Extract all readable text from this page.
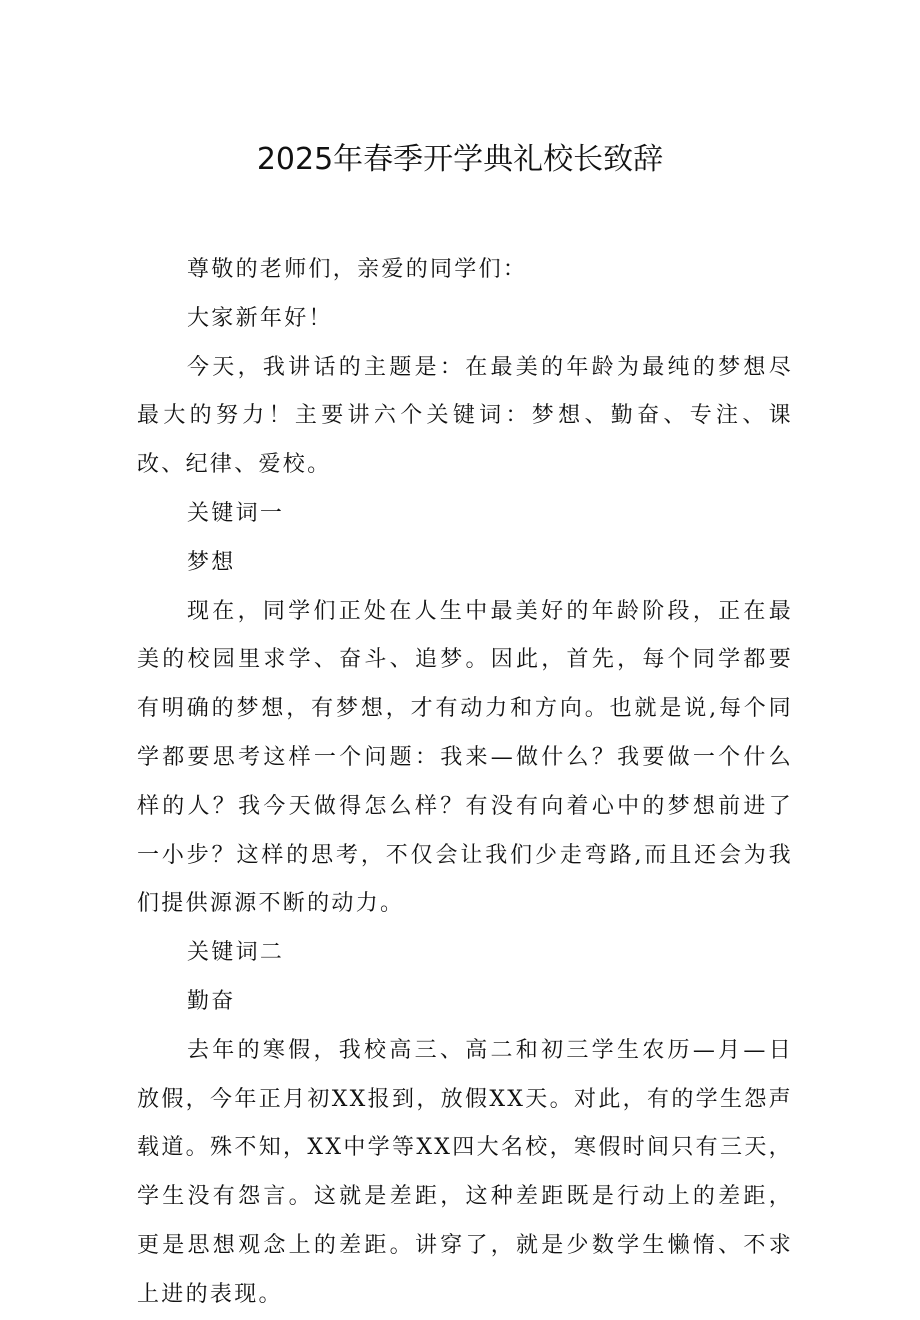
2025年春季开学典礼校长致辞

尊敬的老师们，亲爱的同学们：

大家新年好！

今天，我讲话的主题是：在最美的年龄为最纯的梦想尽最大的努力！主要讲六个关键词：梦想、勤奋、专注、课改、纪律、爱校。

关键词一

梦想

现在，同学们正处在人生中最美好的年龄阶段，正在最美的校园里求学、奋斗、追梦。因此，首先，每个同学都要有明确的梦想，有梦想，才有动力和方向。也就是说,每个同学都要思考这样一个问题：我来—做什么？我要做一个什么样的人？我今天做得怎么样？有没有向着心中的梦想前进了一小步？这样的思考，不仅会让我们少走弯路,而且还会为我们提供源源不断的动力。

关键词二

勤奋

去年的寒假，我校高三、高二和初三学生农历—月—日放假，今年正月初XX报到，放假XX天。对此，有的学生怨声载道。殊不知，XX中学等XX四大名校，寒假时间只有三天，学生没有怨言。这就是差距，这种差距既是行动上的差距，更是思想观念上的差距。讲穿了，就是少数学生懒惰、不求上进的表现。
